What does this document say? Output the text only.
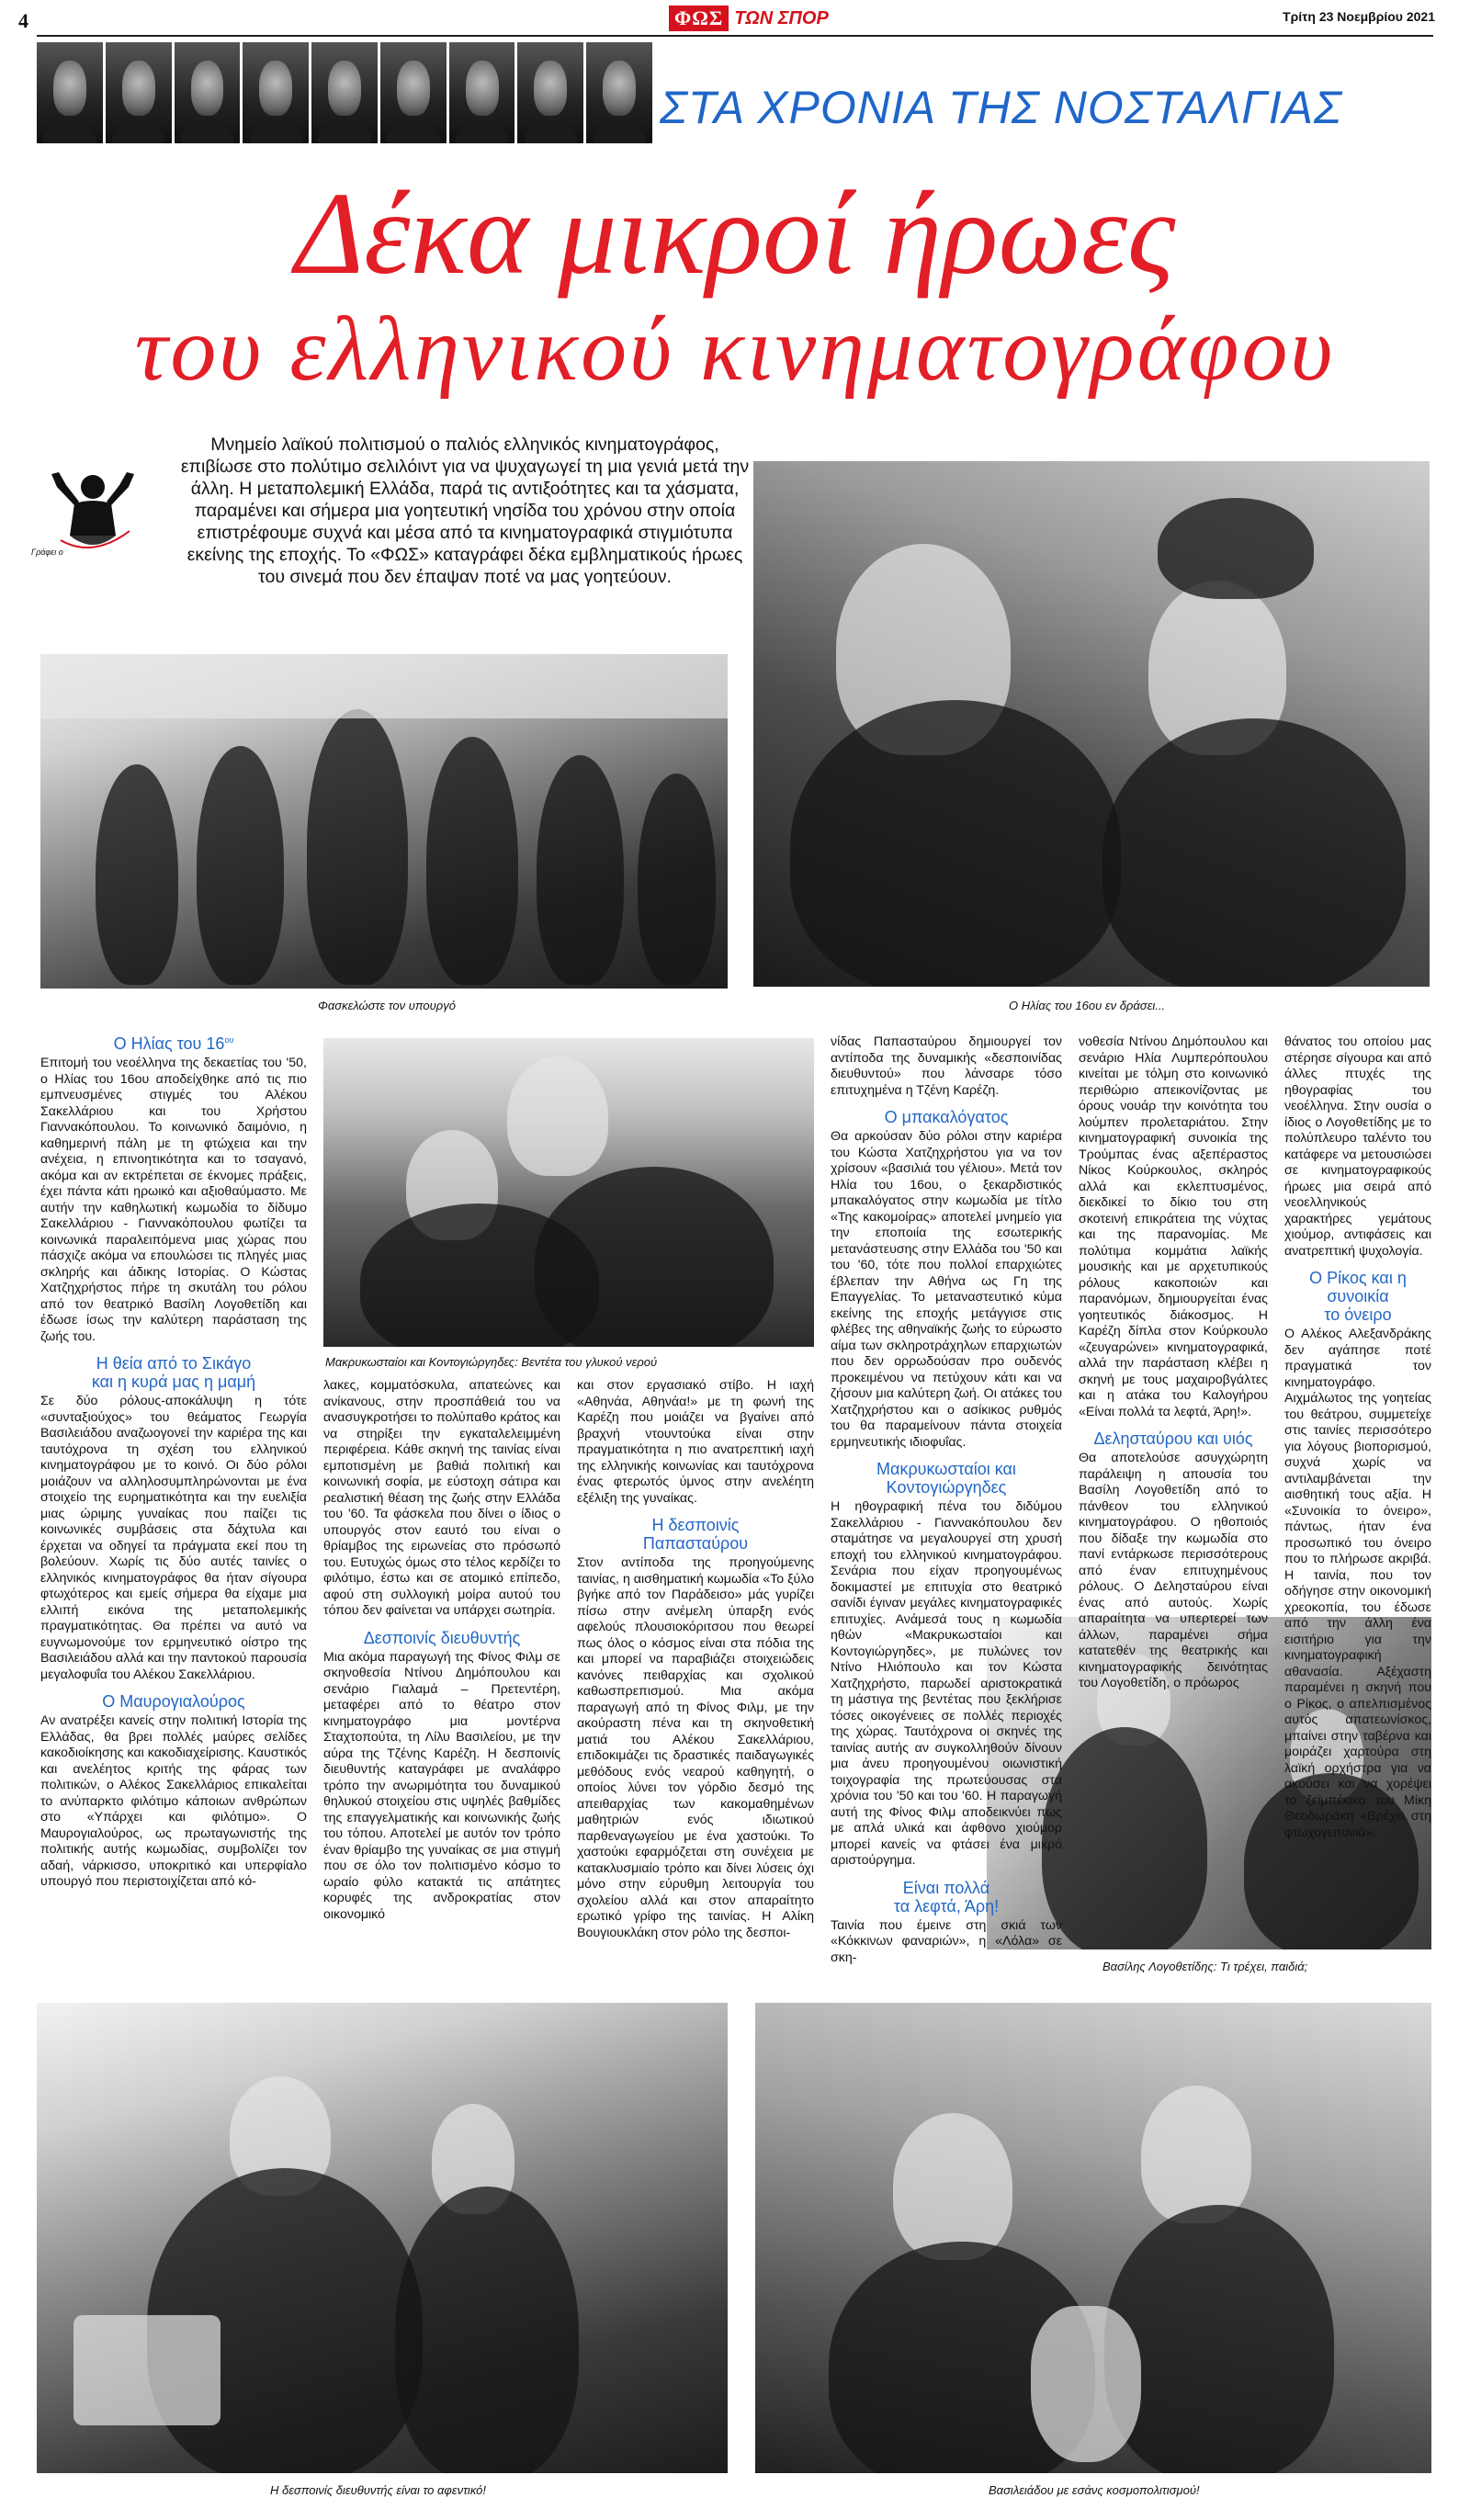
4	ΦΩΣ ΤΩΝ ΣΠΟΡ	Τρίτη 23 Νοεμβρίου 2021
ΣΤΑ ΧΡΟΝΙΑ ΤΗΣ ΝΟΣΤΑΛΓΙΑΣ
Δέκα μικροί ήρωες
του ελληνικού κινηματογράφου
Γράφει ο
Μνημείο λαϊκού πολιτισμού ο παλιός ελληνικός κινηματογράφος, επιβίωσε στο πολύτιμο σελιλόιντ για να ψυχαγωγεί τη μια γενιά μετά την άλλη. Η μεταπολεμική Ελλάδα, παρά τις αντιξοότητες και τα χάσματα, παραμένει και σήμερα μια γοητευτική νησίδα του χρόνου στην οποία επιστρέφουμε συχνά και μέσα από τα κινηματογραφικά στιγμιότυπα εκείνης της εποχής. Το «ΦΩΣ» καταγράφει δέκα εμβληματικούς ήρωες του σινεμά που δεν έπαψαν ποτέ να μας γοητεύουν.
Φασκελώστε τον υπουργό	Ο Ηλίας του 16ου εν δράσει...
Μακρυκωσταίοι και Κοντογιώργηδες: Βεντέτα του γλυκού νερού
Βασίλης Λογοθετίδης: Τι τρέχει, παιδιά;
Η δεσποινίς διευθυντής είναι το αφεντικό!	Βασιλειάδου με εσάνς κοσμοπολιτισμού!
Ο Ηλίας του $16^{o\upsilon}$

Επιτομή του νεοέλληνα της δεκαετίας του '50, ο Ηλίας του 16ου αποδείχθηκε από τις πιο εμπνευσμένες στιγμές του Αλέκου Σακελλάριου και του Χρήστου Γιαννακόπουλου. Το κοινωνικό δαιμόνιο, η καθημερινή πάλη με τη φτώχεια και την ανέχεια, η επινοητικότητα και το τσαγανό, ακόμα και αν εκτρέπεται σε έκνομες πράξεις, έχει πάντα κάτι ηρωικό και αξιοθαύμαστο. Με αυτήν την καθηλωτική κωμωδία το δίδυμο Σακελλάριου - Γιαννακόπουλου φωτίζει τα κοινωνικά παραλειπόμενα μιας χώρας που πάσχιζε ακόμα να επουλώσει τις πληγές μιας σκληρής και άδικης Ιστορίας. Ο Κώστας Χατζηχρήστος πήρε τη σκυτάλη του ρόλου από τον θεατρικό Βασίλη Λογοθετίδη και έδωσε ίσως την καλύτερη παράσταση της ζωής του.

Η θεία από το Σικάγο
και η κυρά μας η μαμή

Σε δύο ρόλους-αποκάλυψη η τότε «συνταξιούχος» του θεάματος Γεωργία Βασιλειάδου αναζωογονεί την καριέρα της και ταυτόχρονα τη σχέση του ελληνικού κινηματογράφου με το κοινό. Οι δύο ρόλοι μοιάζουν να αλληλοσυμπληρώνονται με ένα στοιχείο της ευρηματικότητα και την ευελιξία μιας ώριμης γυναίκας που παίζει τις κοινωνικές συμβάσεις στα δάχτυλα και έρχεται να οδηγεί τα πράγματα εκεί που τη βολεύουν. Χωρίς τις δύο αυτές ταινίες ο ελληνικός κινηματογράφος θα ήταν σίγουρα φτωχότερος και εμείς σήμερα θα είχαμε μια ελλιπή εικόνα της μεταπολεμικής πραγματικότητας. Θα πρέπει να αυτό να ευγνωμονούμε τον ερμηνευτικό οίστρο της Βασιλειάδου αλλά και την παντοκού παρουσία μεγαλοφυΐα του Αλέκου Σακελλάριου.

Ο Μαυρογιαλούρος

Αν ανατρέξει κανείς στην πολιτική Ιστορία της Ελλάδας, θα βρει πολλές μαύρες σελίδες κακοδιοίκησης και κακοδιαχείρισης. Καυστικός και ανελέητος κριτής της φάρας των πολιτικών, ο Αλέκος Σακελλάριος επικαλείται το ανύπαρκτο φιλότιμο κάποιων ανθρώπων στο «Υπάρχει και φιλότιμο». Ο Μαυρογιαλούρος, ως πρωταγωνιστής της πολιτικής αυτής κωμωδίας, συμβολίζει τον αδαή, νάρκισσο, υποκριτικό και υπερφίαλο υπουργό που περιστοιχίζεται από κό-

λακες, κομματόσκυλα, απατεώνες και ανίκανους, στην προσπάθειά του να ανασυγκροτήσει το πολύπαθο κράτος και να στηρίξει την εγκαταλελειμμένη περιφέρεια. Κάθε σκηνή της ταινίας είναι εμποτισμένη με βαθιά πολιτική και κοινωνική σοφία, με εύστοχη σάτιρα και ρεαλιστική θέαση της ζωής στην Ελλάδα του '60. Τα φάσκελα που δίνει ο ίδιος ο υπουργός στον εαυτό του είναι ο θρίαμβος της ειρωνείας στο πρόσωπό του. Ευτυχώς όμως στο τέλος κερδίζει το φιλότιμο, έστω και σε ατομικό επίπεδο, αφού στη συλλογική μοίρα αυτού του τόπου δεν φαίνεται να υπάρχει σωτηρία.

Δεσποινίς διευθυντής

Μια ακόμα παραγωγή της Φίνος Φιλμ σε σκηνοθεσία Ντίνου Δημόπουλου και σενάριο Γιαλαμά – Πρετεντέρη, μεταφέρει από το θέατρο στον κινηματογράφο μια μοντέρνα Σταχτοπούτα, τη Λίλυ Βασιλείου, με την αύρα της Τζένης Καρέζη. Η δεσποινίς διευθυντής καταγράφει με αναλάφρο τρόπο την ανωριμότητα του δυναμικού θηλυκού στοιχείου στις υψηλές βαθμίδες της επαγγελματικής και κοινωνικής ζωής του τόπου. Αποτελεί με αυτόν τον τρόπο έναν θρίαμβο της γυναίκας σε μια στιγμή που σε όλο τον πολιτισμένο κόσμο το ωραίο φύλο κατακτά τις απάτητες κορυφές της ανδροκρατίας στον οικονομικό

και στον εργασιακό στίβο. Η ιαχή «Αθηνάα, Αθηνάα!» με τη φωνή της Καρέζη που μοιάζει να βγαίνει από βραχνή ντουντούκα είναι στην πραγματικότητα η πιο ανατρεπτική ιαχή της ελληνικής κοινωνίας και ταυτόχρονα ένας φτερωτός ύμνος στην ανελέητη εξέλιξη της γυναίκας.

Η δεσποινίς
Παπασταύρου

Στον αντίποδα της προηγούμενης ταινίας, η αισθηματική κωμωδία «Το ξύλο βγήκε από τον Παράδεισο» μάς γυρίζει πίσω στην ανέμελη ύπαρξη ενός αφελούς πλουσιοκόριτσου που θεωρεί πως όλος ο κόσμος είναι στα πόδια της και μπορεί να παραβιάζει στοιχειώδεις κανόνες πειθαρχίας και σχολικού καθωσπρεπισμού. Μια ακόμα παραγωγή από τη Φίνος Φιλμ, με την ακούραστη πένα και τη σκηνοθετική ματιά του Αλέκου Σακελλάριου, επιδοκιμάζει τις δραστικές παιδαγωγικές μεθόδους ενός νεαρού καθηγητή, ο οποίος λύνει τον γόρδιο δεσμό της απειθαρχίας των κακομαθημένων μαθητριών ενός ιδιωτικού παρθεναγωγείου με ένα χαστούκι. Το χαστούκι εφαρμόζεται στη συνέχεια με κατακλυσμιαίο τρόπο και δίνει λύσεις όχι μόνο στην εύρυθμη λειτουργία του σχολείου αλλά και στον απαραίτητο ερωτικό γρίφο της ταινίας. Η Αλίκη Βουγιουκλάκη στον ρόλο της δεσποι-

νίδας Παπασταύρου δημιουργεί τον αντίποδα της δυναμικής «δεσποινίδας διευθυντού» που λάνσαρε τόσο επιτυχημένα η Τζένη Καρέζη.

Ο μπακαλόγατος

Θα αρκούσαν δύο ρόλοι στην καριέρα του Κώστα Χατζηχρήστου για να τον χρίσουν «βασιλιά του γέλιου». Μετά τον Ηλία του 16ου, ο ξεκαρδιστικός μπακαλόγατος στην κωμωδία με τίτλο «Της κακομοίρας» αποτελεί μνημείο για την εποποιία της εσωτερικής μετανάστευσης στην Ελλάδα του '50 και του '60, τότε που πολλοί επαρχιώτες έβλεπαν την Αθήνα ως Γη της Επαγγελίας. Το μεταναστευτικό κύμα εκείνης της εποχής μετάγγισε στις φλέβες της αθηναϊκής ζωής το εύρωστο αίμα των σκληροτράχηλων επαρχιωτών που δεν ορρωδούσαν προ ουδενός προκειμένου να πετύχουν κάτι και να ζήσουν μια καλύτερη ζωή. Οι ατάκες του Χατζηχρήστου και ο ασίκικος ρυθμός του θα παραμείνουν πάντα στοιχεία ερμηνευτικής ιδιοφυΐας.

Μακρυκωσταίοι και
Κοντογιώργηδες

Η ηθογραφική πένα του διδύμου Σακελλάριου - Γιαννακόπουλου δεν σταμάτησε να μεγαλουργεί στη χρυσή εποχή του ελληνικού κινηματογράφου. Σενάρια που είχαν προηγουμένως δοκιμαστεί με επιτυχία στο θεατρικό σανίδι έγιναν μεγάλες κινηματογραφικές επιτυχίες. Ανάμεσά τους η κωμωδία ηθών «Μακρυκωσταίοι και Κοντογιώργηδες», με πυλώνες τον Ντίνο Ηλιόπουλο και τον Κώστα Χατζηχρήστο, παρωδεί αριστοκρατικά τη μάστιγα της βεντέτας που ξεκλήρισε τόσες οικογένειες σε πολλές περιοχές της χώρας. Ταυτόχρονα οι σκηνές της ταινίας αυτής αν συγκολληθούν δίνουν μια άνευ προηγουμένου οιωνιστική τοιχογραφία της πρωτεύουσας στα χρόνια του '50 και του '60. Η παραγωγή αυτή της Φίνος Φιλμ αποδεικνύει πως με απλά υλικά και άφθονο χιούμορ μπορεί κανείς να φτάσει ένα μικρό αριστούργημα.

Είναι πολλά
τα λεφτά, Άρη!

Ταινία που έμεινε στη σκιά των «Κόκκινων φαναριών», η «Λόλα» σε σκη-

νοθεσία Ντίνου Δημόπουλου και σενάριο Ηλία Λυμπερόπουλου κινείται με τόλμη στο κοινωνικό περιθώριο απεικονίζοντας με όρους νουάρ την κοινότητα του λούμπεν προλεταριάτου. Στην κινηματογραφική συνοικία της Τρούμπας ένας αξεπέραστος Νίκος Κούρκουλος, σκληρός αλλά και εκλεπτυσμένος, διεκδικεί το δίκιο του στη σκοτεινή επικράτεια της νύχτας και της παρανομίας. Με πολύτιμα κομμάτια λαϊκής μουσικής και με αρχετυπικούς ρόλους κακοποιών και παρανόμων, δημιουργείται ένας γοητευτικός διάκοσμος. Η Καρέζη δίπλα στον Κούρκουλο «ζευγαρώνει» κινηματογραφικά, αλλά την παράσταση κλέβει η σκηνή με τους μαχαιροβγάλτες και η ατάκα του Καλογήρου «Είναι πολλά τα λεφτά, Άρη!».

Δελησταύρου και υιός

Θα αποτελούσε ασυγχώρητη παράλειψη η απουσία του Βασίλη Λογοθετίδη από το πάνθεον του ελληνικού κινηματογράφου. Ο ηθοποιός που δίδαξε την κωμωδία στο πανί εντάρκωσε περισσότερους από έναν επιτυχημένους ρόλους. Ο Δελησταύρου είναι ένας από αυτούς. Χωρίς απαραίτητα να υπερτερεί των άλλων, παραμένει σήμα κατατεθέν της θεατρικής και κινηματογραφικής δεινότητας του Λογοθετίδη, ο πρόωρος

θάνατος του οποίου μας στέρησε σίγουρα και από άλλες πτυχές της ηθογραφίας του νεοέλληνα. Στην ουσία ο ίδιος ο Λογοθετίδης με το πολύπλευρο ταλέντο του κατάφερε να μετουσιώσει σε κινηματογραφικούς ήρωες μια σειρά από νεοελληνικούς χαρακτήρες γεμάτους χιούμορ, αντιφάσεις και ανατρεπτική ψυχολογία.

Ο Ρίκος και η συνοικία
το όνειρο

Ο Αλέκος Αλεξανδράκης δεν αγάπησε ποτέ πραγματικά τον κινηματογράφο. Αιχμάλωτος της γοητείας του θεάτρου, συμμετείχε στις ταινίες περισσότερο για λόγους βιοπορισμού, συχνά χωρίς να αντιλαμβάνεται την αισθητική τους αξία. Η «Συνοικία το όνειρο», πάντως, ήταν ένα προσωπικό του όνειρο που το πλήρωσε ακριβά. Η ταινία, που τον οδήγησε στην οικονομική χρεοκοπία, του έδωσε από την άλλη ένα εισιτήριο για την κινηματογραφική αθανασία. Αξέχαστη παραμένει η σκηνή που ο Ρίκος, ο απελπισμένος αυτός απατεωνίσκος, μπαίνει στην ταβέρνα και μοιράζει χαρτούρα στη λαϊκή ορχήστρα για να ακούσει και να χορέψει το ζεϊμπέκικο του Μίκη Θεοδωράκη «Βρέχει στη φτωχογειτονιά».
